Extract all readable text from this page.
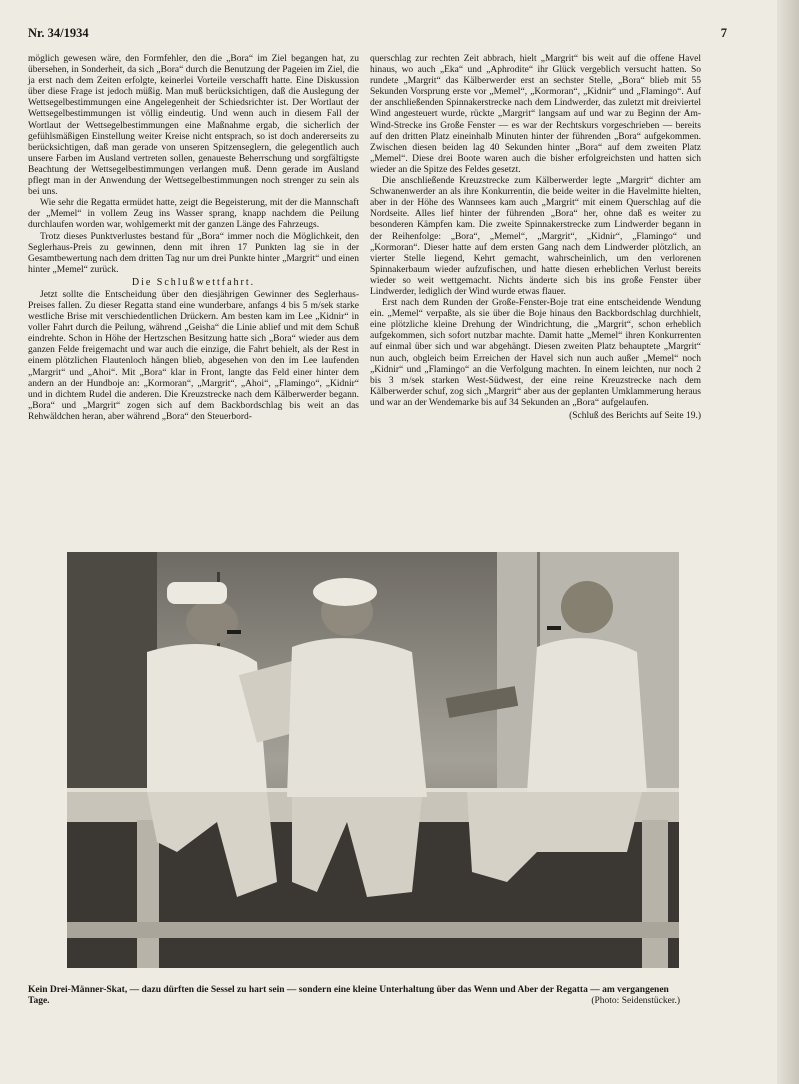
Nr. 34/1934	7

möglich gewesen wäre, den Formfehler, den die „Bora“ im Ziel begangen hat, zu übersehen, in Sonderheit, da sich „Bora“ durch die Benutzung der Pageien im Ziel, die ja erst nach dem Zeiten erfolgte, keinerlei Vorteile verschafft hatte. Eine Diskussion über diese Frage ist jedoch müßig. Man muß berücksichtigen, daß die Auslegung der Wettsegelbestimmungen eine Angelegenheit der Schiedsrichter ist. Der Wortlaut der Wettsegelbestimmungen ist völlig eindeutig. Und wenn auch in diesem Fall der Wortlaut der Wettsegelbestimmungen eine Maßnahme ergab, die sicherlich der gefühlsmäßigen Einstellung weiter Kreise nicht entsprach, so ist doch andererseits zu berücksichtigen, daß man gerade von unseren Spitzenseglern, die gelegentlich auch unsere Farben im Ausland vertreten sollen, genaueste Beherrschung und sorgfältigste Beachtung der Wettsegelbestimmungen verlangen muß. Denn gerade im Ausland pflegt man in der Anwendung der Wettsegelbestimmungen noch strenger zu sein als bei uns.

Wie sehr die Regatta ermüdet hatte, zeigt die Begeisterung, mit der die Mannschaft der „Memel“ in vollem Zeug ins Wasser sprang, knapp nachdem die Peilung durchlaufen worden war, wohlgemerkt mit der ganzen Länge des Fahrzeugs.

Trotz dieses Punktverlustes bestand für „Bora“ immer noch die Möglichkeit, den Seglerhaus-Preis zu gewinnen, denn mit ihren 17 Punkten lag sie in der Gesamtbewertung nach dem dritten Tag nur um drei Punkte hinter „Margrit“ und einen hinter „Memel“ zurück.

Die Schlußwettfahrt.

Jetzt sollte die Entscheidung über den diesjährigen Gewinner des Seglerhaus-Preises fallen. Zu dieser Regatta stand eine wunderbare, anfangs 4 bis 5 m/sek starke westliche Brise mit verschiedentlichen Drückern. Am besten kam im Lee „Kidnir“ in voller Fahrt durch die Peilung, während „Geisha“ die Linie ablief und mit dem Schuß eindrehte. Schon in Höhe der Hertzschen Besitzung hatte sich „Bora“ wieder aus dem ganzen Felde freigemacht und war auch die einzige, die Fahrt behielt, als der Rest in einem plötzlichen Flautenloch hängen blieb, abgesehen von den im Lee laufenden „Margrit“ und „Ahoi“. Mit „Bora“ klar in Front, langte das Feld einer hinter dem andern an der Hundboje an: „Kormoran“, „Margrit“, „Ahoi“, „Flamingo“, „Kidnir“ und in dichtem Rudel die anderen. Die Kreuzstrecke nach dem Kälberwerder begann. „Bora“ und „Margrit“ zogen sich auf dem Backbordschlag bis weit an das Rehwäldchen heran, aber während „Bora“ den Steuerbord-

querschlag zur rechten Zeit abbrach, hielt „Margrit“ bis weit auf die offene Havel hinaus, wo auch „Eka“ und „Aphrodite“ ihr Glück vergeblich versucht hatten. So rundete „Margrit“ das Kälberwerder erst an sechster Stelle, „Bora“ blieb mit 55 Sekunden Vorsprung erste vor „Memel“, „Kormoran“, „Kidnir“ und „Flamingo“. Auf der anschließenden Spinnakerstrecke nach dem Lindwerder, das zuletzt mit dreiviertel Wind angesteuert wurde, rückte „Margrit“ langsam auf und war zu Beginn der Am-Wind-Strecke ins Große Fenster — es war der Rechtskurs vorgeschrieben — bereits auf den dritten Platz eineinhalb Minuten hinter der führenden „Bora“ aufgekommen. Zwischen diesen beiden lag 40 Sekunden hinter „Bora“ auf dem zweiten Platz „Memel“. Diese drei Boote waren auch die bisher erfolgreichsten und hatten sich wieder an die Spitze des Feldes gesetzt.

Die anschließende Kreuzstrecke zum Kälberwerder legte „Margrit“ dichter am Schwanenwerder an als ihre Konkurrentin, die beide weiter in die Havelmitte hielten, aber in der Höhe des Wannsees kam auch „Margrit“ mit einem Querschlag auf die Nordseite. Alles lief hinter der führenden „Bora“ her, ohne daß es weiter zu besonderen Kämpfen kam. Die zweite Spinnakerstrecke zum Lindwerder begann in der Reihenfolge: „Bora“, „Memel“, „Margrit“, „Kidnir“, „Flamingo“ und „Kormoran“. Dieser hatte auf dem ersten Gang nach dem Lindwerder plötzlich, an vierter Stelle liegend, Kehrt gemacht, wahrscheinlich, um den verlorenen Spinnakerbaum wieder aufzufischen, und hatte diesen erheblichen Verlust bereits wieder so weit wettgemacht. Nichts änderte sich bis ins große Fenster über Lindwerder, lediglich der Wind wurde etwas flauer.

Erst nach dem Runden der Große-Fenster-Boje trat eine entscheidende Wendung ein. „Memel“ verpaßte, als sie über die Boje hinaus den Backbordschlag durchhielt, eine plötzliche kleine Drehung der Windrichtung, die „Margrit“, schon erheblich aufgekommen, sich sofort nutzbar machte. Damit hatte „Memel“ ihren Konkurrenten auf einmal über sich und war abgehängt. Diesen zweiten Platz behauptete „Margrit“ nun auch, obgleich beim Erreichen der Havel sich nun auch außer „Memel“ noch „Kidnir“ und „Flamingo“ an die Verfolgung machten. In einem leichten, nur noch 2 bis 3 m/sek starken West-Südwest, der eine reine Kreuzstrecke nach dem Kälberwerder schuf, zog sich „Margrit“ aber aus der geplanten Umklammerung heraus und war an der Wendemarke bis auf 34 Sekunden an „Bora“ aufgelaufen.

(Schluß des Berichts auf Seite 19.)

Kein Drei-Männer-Skat, — dazu dürften die Sessel zu hart sein — sondern eine kleine Unterhaltung über das Wenn und Aber der Regatta — am vergangenen Tage.	(Photo: Seidenstücker.)
